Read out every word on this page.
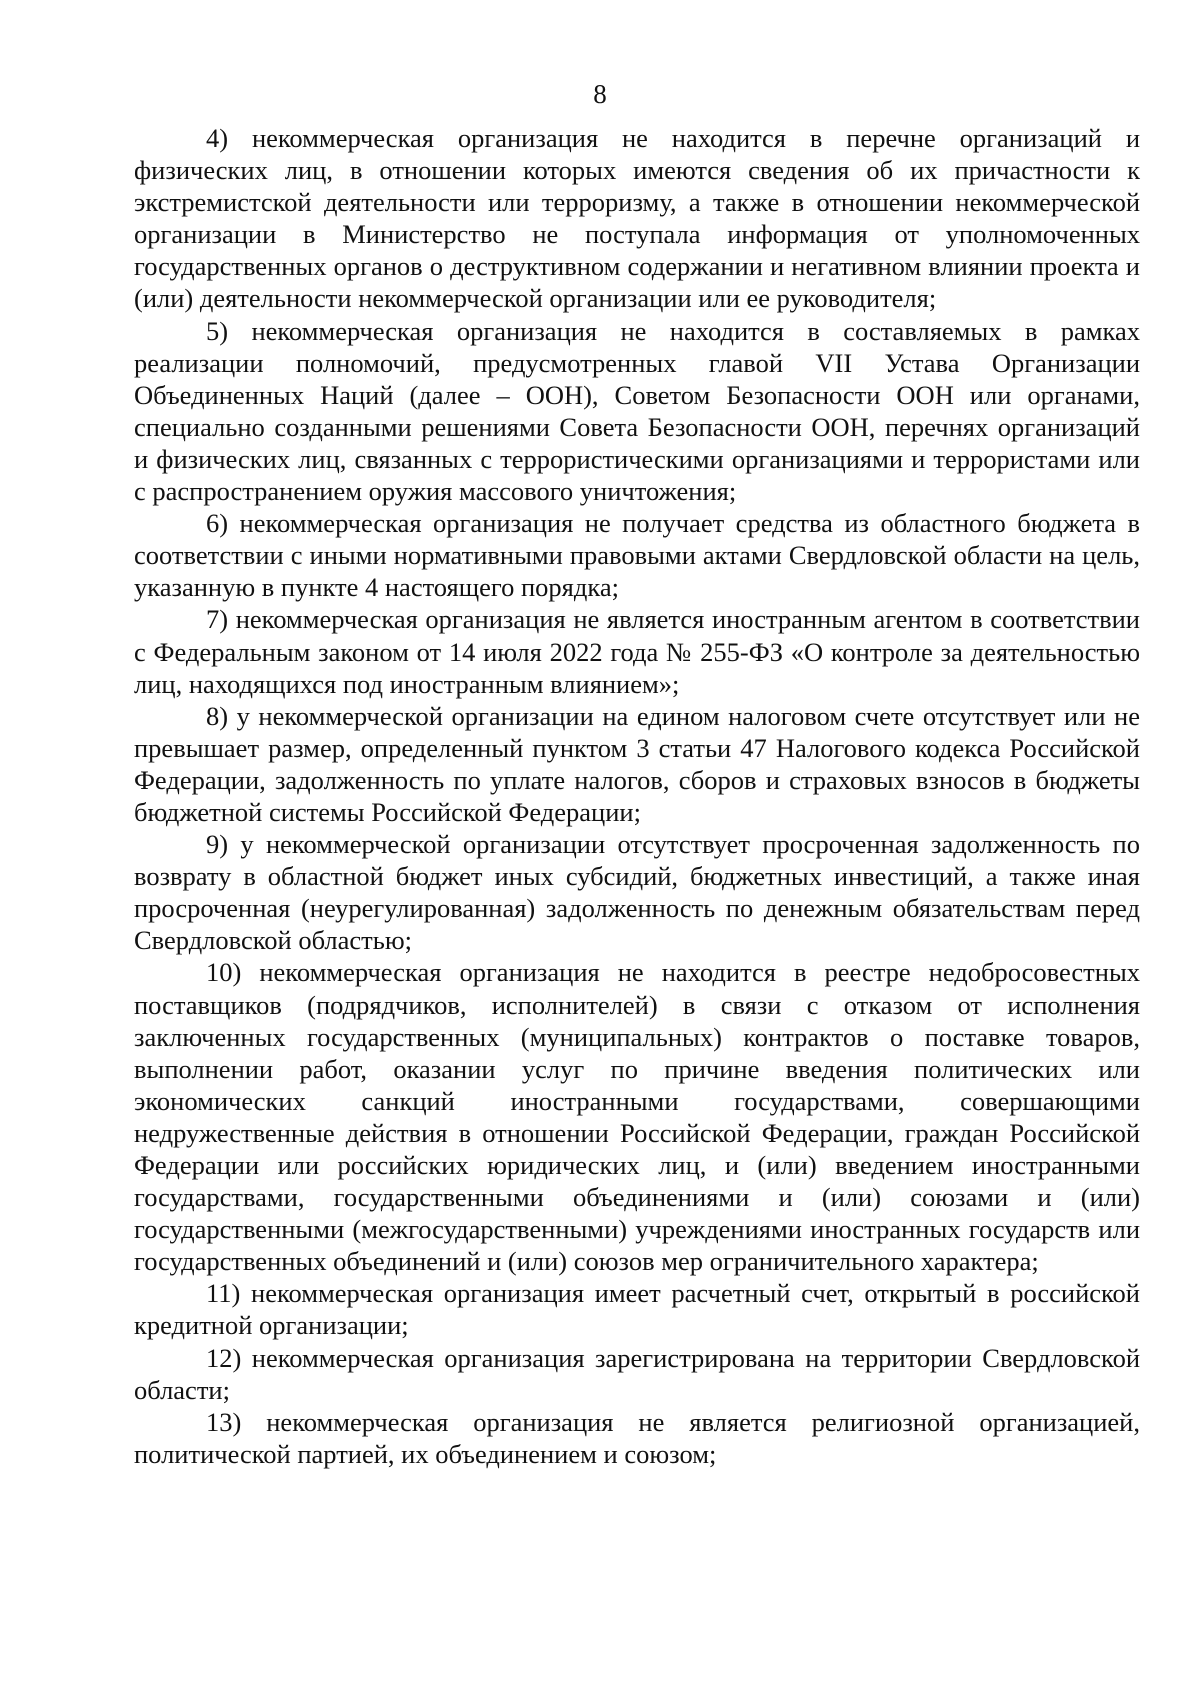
8

4) некоммерческая организация не находится в перечне организаций и физических лиц, в отношении которых имеются сведения об их причастности к экстремистской деятельности или терроризму, а также в отношении некоммерческой организации в Министерство не поступала информация от уполномоченных государственных органов о деструктивном содержании и негативном влиянии проекта и (или) деятельности некоммерческой организации или ее руководителя;

5) некоммерческая организация не находится в составляемых в рамках реализации полномочий, предусмотренных главой VII Устава Организации Объединенных Наций (далее – ООН), Советом Безопасности ООН или органами, специально созданными решениями Совета Безопасности ООН, перечнях организаций и физических лиц, связанных с террористическими организациями и террористами или с распространением оружия массового уничтожения;

6) некоммерческая организация не получает средства из областного бюджета в соответствии с иными нормативными правовыми актами Свердловской области на цель, указанную в пункте 4 настоящего порядка;

7) некоммерческая организация не является иностранным агентом в соответствии с Федеральным законом от 14 июля 2022 года № 255-ФЗ «О контроле за деятельностью лиц, находящихся под иностранным влиянием»;

8) у некоммерческой организации на едином налоговом счете отсутствует или не превышает размер, определенный пунктом 3 статьи 47 Налогового кодекса Российской Федерации, задолженность по уплате налогов, сборов и страховых взносов в бюджеты бюджетной системы Российской Федерации;

9) у некоммерческой организации отсутствует просроченная задолженность по возврату в областной бюджет иных субсидий, бюджетных инвестиций, а также иная просроченная (неурегулированная) задолженность по денежным обязательствам перед Свердловской областью;

10) некоммерческая организация не находится в реестре недобросовестных поставщиков (подрядчиков, исполнителей) в связи с отказом от исполнения заключенных государственных (муниципальных) контрактов о поставке товаров, выполнении работ, оказании услуг по причине введения политических или экономических санкций иностранными государствами, совершающими недружественные действия в отношении Российской Федерации, граждан Российской Федерации или российских юридических лиц, и (или) введением иностранными государствами, государственными объединениями и (или) союзами и (или) государственными (межгосударственными) учреждениями иностранных государств или государственных объединений и (или) союзов мер ограничительного характера;

11) некоммерческая организация имеет расчетный счет, открытый в российской кредитной организации;

12) некоммерческая организация зарегистрирована на территории Свердловской области;

13) некоммерческая организация не является религиозной организацией, политической партией, их объединением и союзом;
